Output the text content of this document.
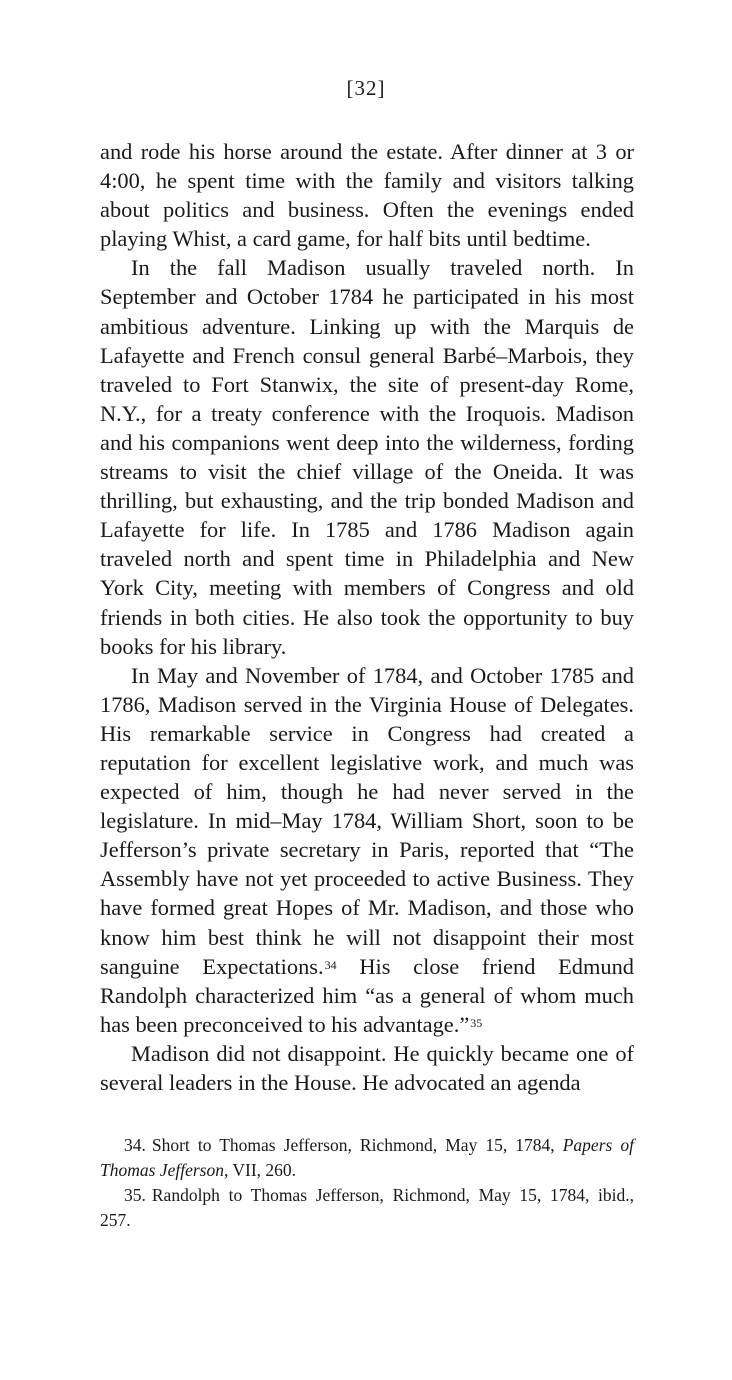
[32]

and rode his horse around the estate. After dinner at 3 or 4:00, he spent time with the family and visitors talking about politics and business. Often the evenings ended playing Whist, a card game, for half bits until bedtime.

In the fall Madison usually traveled north. In September and October 1784 he participated in his most ambitious adventure. Linking up with the Marquis de Lafayette and French consul general Barbé–Marbois, they traveled to Fort Stanwix, the site of present-day Rome, N.Y., for a treaty conference with the Iroquois. Madison and his companions went deep into the wilderness, fording streams to visit the chief village of the Oneida. It was thrilling, but exhausting, and the trip bonded Madison and Lafayette for life. In 1785 and 1786 Madison again traveled north and spent time in Philadelphia and New York City, meeting with members of Congress and old friends in both cities. He also took the opportunity to buy books for his library.

In May and November of 1784, and October 1785 and 1786, Madison served in the Virginia House of Delegates. His remarkable service in Congress had created a reputation for excellent legislative work, and much was expected of him, though he had never served in the legislature. In mid–May 1784, William Short, soon to be Jefferson’s private secretary in Paris, reported that “The Assembly have not yet proceeded to active Business. They have formed great Hopes of Mr. Madison, and those who know him best think he will not disappoint their most sanguine Expectations.$^{34}$ His close friend Edmund Randolph characterized him “as a general of whom much has been preconceived to his advantage.”$^{35}$

Madison did not disappoint. He quickly became one of several leaders in the House. He advocated an agenda

34. Short to Thomas Jefferson, Richmond, May 15, 1784, Papers of Thomas Jefferson, VII, 260.

35. Randolph to Thomas Jefferson, Richmond, May 15, 1784, ibid., 257.
